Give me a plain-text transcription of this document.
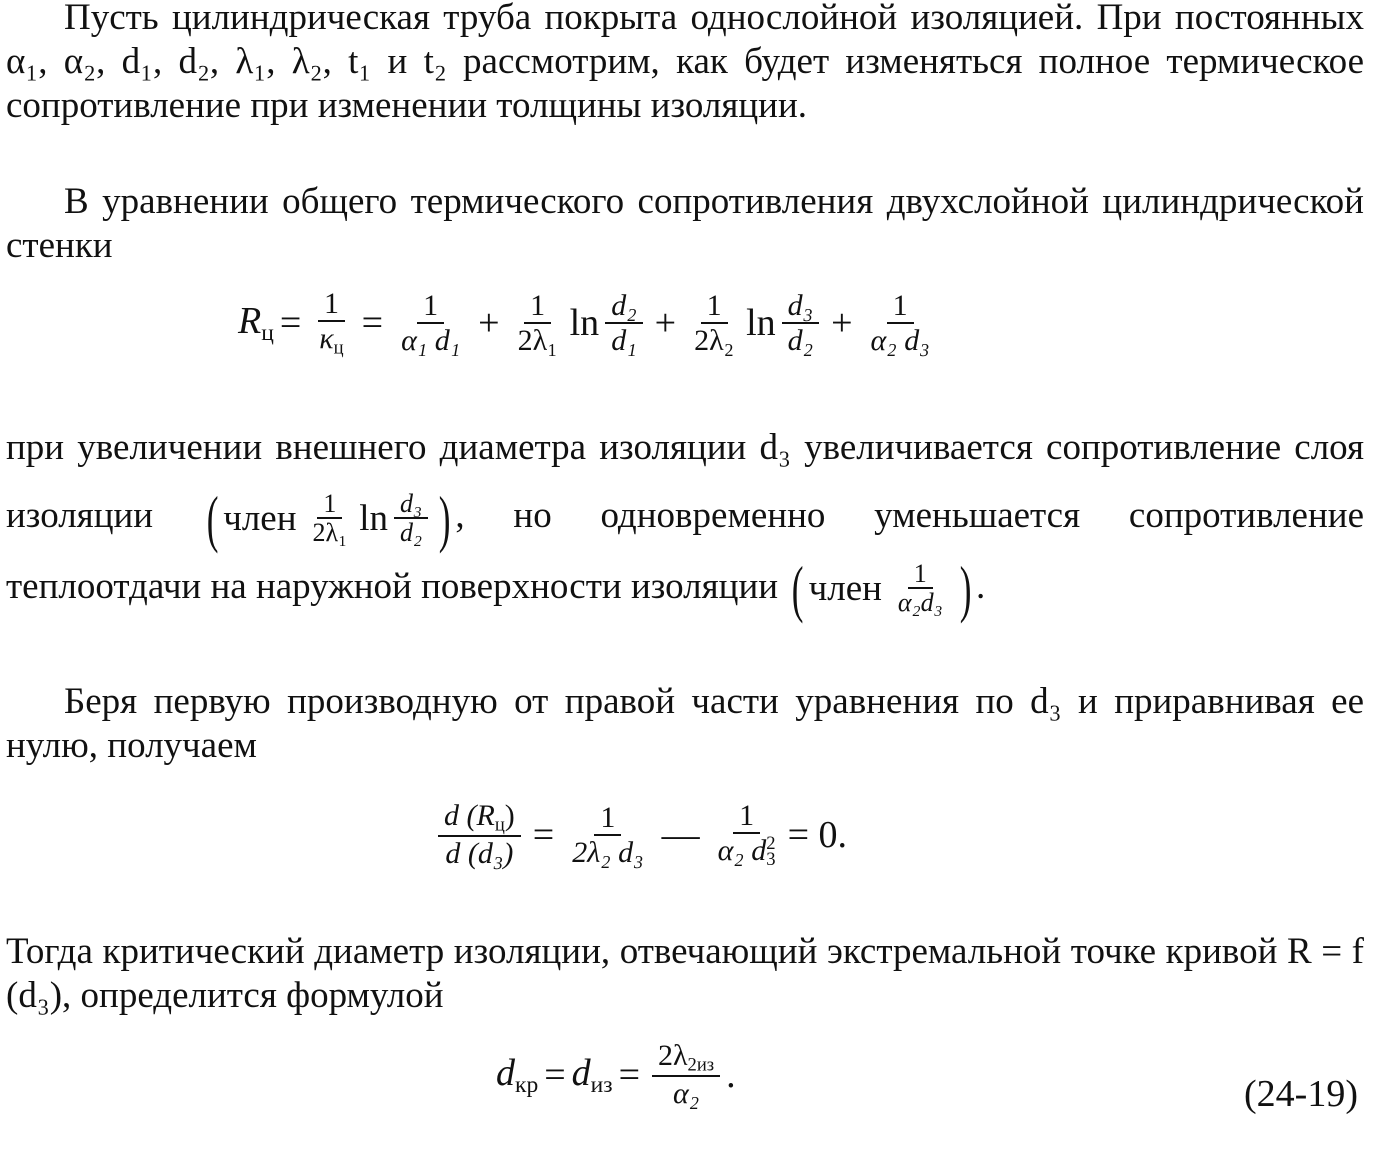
Пусть цилиндрическая труба покрыта однослойной изоляцией. При постоянных α₁, α₂, d₁, d₂, λ₁, λ₂, t₁ и t₂ рассмотрим, как будет изменяться полное термическое сопротивление при изменении толщины изоляции.

В уравнении общего термического сопротивления двухслойной цилиндрической стенки

$R_ц = \frac{1}{\kappa_ц} = \frac{1}{\text{α₁ d₁}} + \frac{1}{\text{2λ₁}}$ $\ln \frac{\text{d₂}}{\text{d₁}} + \frac{1}{\text{2λ₂}}$ $\ln \frac{\text{d₃}}{\text{d₂}} + \frac{1}{\text{α₂ d₃}}$

при увеличении внешнего диаметра изоляции d₃ увеличивается сопротивление слоя изоляции ( член $\frac{1}{\text{2λ₁}}$ $\ln \frac{\text{d₃}}{\text{d₂}}$ ) , но одновременно уменьшается сопротивление теплоотдачи на наружной поверхности изоляции ( член $\frac{1}{\text{α₂d₃}}$ ) .

Беря первую производную от правой части уравнения по d₃ и приравнивая ее нулю, получаем

$\frac{d (R_ц)}{\text{d (d₃)}} = \frac{1}{\text{2λ₂ d₃}}$ — $\frac{1}{\alpha_2 d^2_3} = 0$.

Тогда критический диаметр изоляции, отвечающий экстремальной точке кривой R = f (d₃), определится формулой

$d_{кр} = d_{из} = \frac{2\lambda_{2из}}{\text{α₂}}$ .	(24-19)
